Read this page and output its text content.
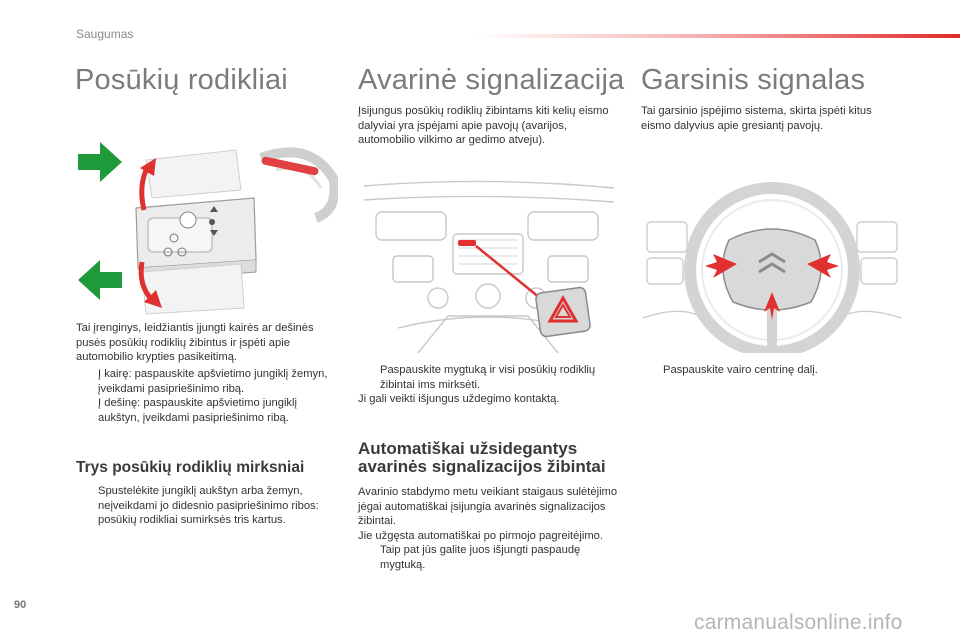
Saugumas
Posūkių rodikliai
Tai įrenginys, leidžiantis įjungti kairės ar dešinės pusės posūkių rodiklių žibintus ir įspėti apie automobilio krypties pasikeitimą.
Į kairę: paspauskite apšvietimo jungiklį žemyn, įveikdami pasipriešinimo ribą.
Į dešinę: paspauskite apšvietimo jungiklį aukštyn, įveikdami pasipriešinimo ribą.
Trys posūkių rodiklių mirksniai
Spustelėkite jungiklį aukštyn arba žemyn, neįveikdami jo didesnio pasipriešinimo ribos: posūkių rodikliai sumirksės tris kartus.
Avarinė signalizacija
Įsijungus posūkių rodiklių žibintams kiti kelių eismo dalyviai yra įspėjami apie pavojų (avarijos, automobilio vilkimo ar gedimo atveju).
Paspauskite mygtuką ir visi posūkių rodiklių žibintai ims mirksėti.
Ji gali veikti išjungus uždegimo kontaktą.
Automatiškai užsidegantys avarinės signalizacijos žibintai
Avarinio stabdymo metu veikiant staigaus sulėtėjimo jėgai automatiškai įsijungia avarinės signalizacijos žibintai.
Jie užgęsta automatiškai po pirmojo pagreitėjimo.
Taip pat jūs galite juos išjungti paspaudę mygtuką.
Garsinis signalas
Tai garsinio įspėjimo sistema, skirta įspėti kitus eismo dalyvius apie gresiantį pavojų.
Paspauskite vairo centrinę dalį.
90
carmanualsonline.info
